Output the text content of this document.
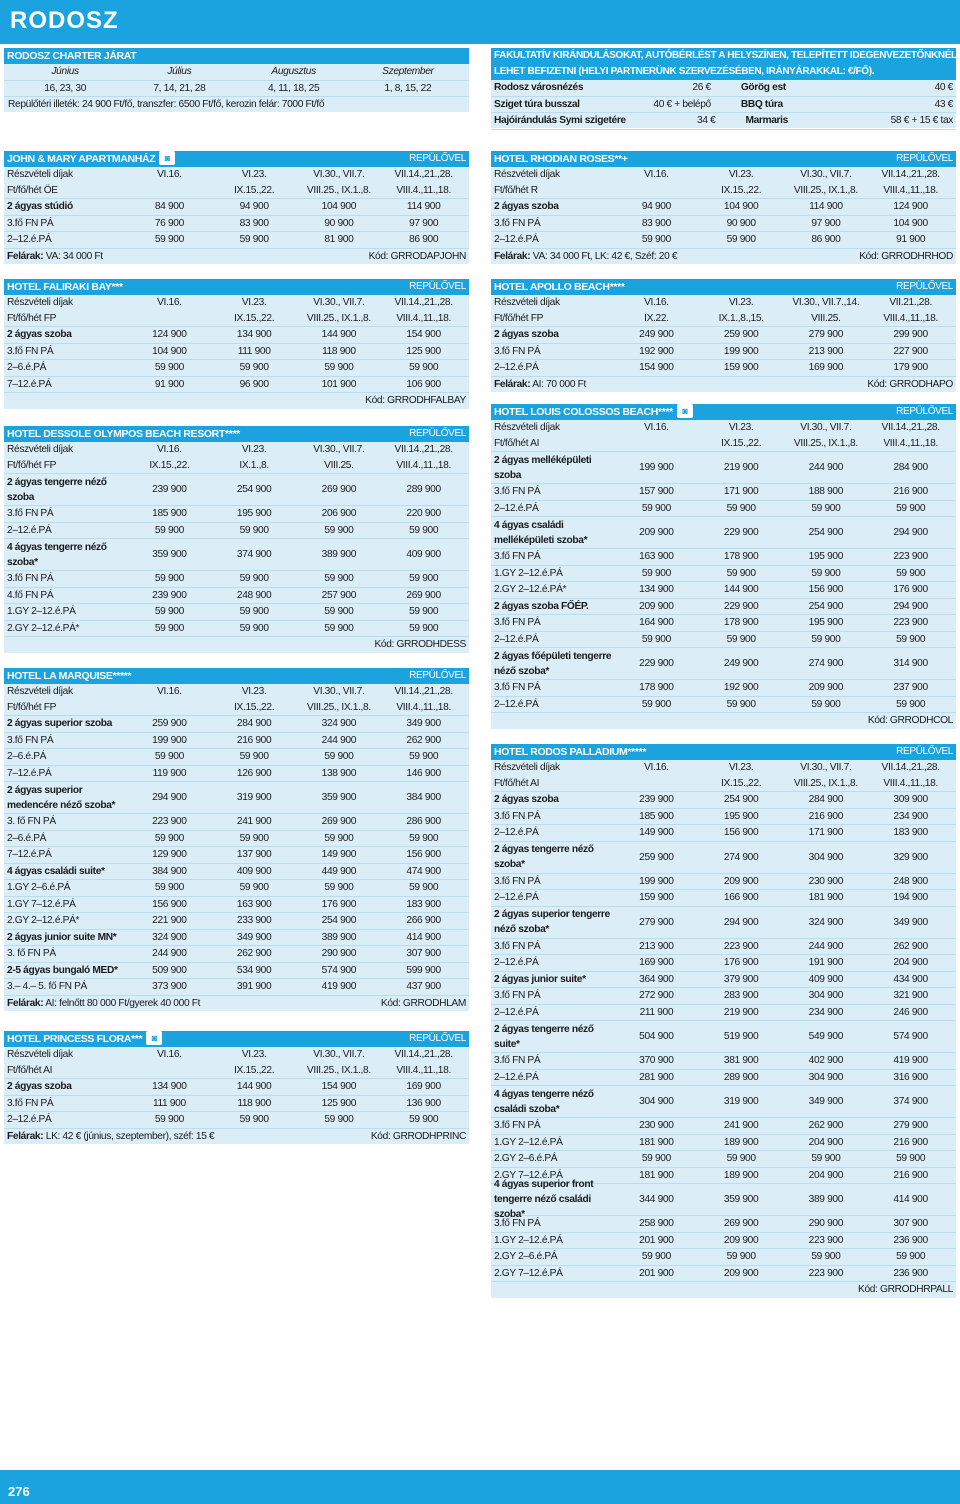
RODOSZ
RODOSZ CHARTER JÁRAT
Június	Július	Augusztus	Szeptember
16, 23, 30	7, 14, 21, 28	4, 11, 18, 25	1, 8, 15, 22
Repülőtéri illeték: 24 900 Ft/fő, transzfer: 6500 Ft/fő, kerozin felár: 7000 Ft/fő
FAKULTATÍV KIRÁNDULÁSOKAT, AUTÓBÉRLÉST A HELYSZÍNEN, TELEPÍTETT IDEGENVEZETŐNKNÉL
LEHET BEFIZETNI (HELYI PARTNERÜNK SZERVEZÉSÉBEN, IRÁNYÁRAKKAL: €/FŐ).
Rodosz városnézés	26 €	Görög est	40 €
Sziget túra busszal	40 € + belépő	BBQ túra	43 €
Hajóirándulás Symi szigetére	34 €	Marmaris	58 € + 15 € tax
JOHN & MARY APARTMANHÁZ	◙	REPÜLŐVEL
Részvételi díjak	VI.16.	VI.23.	VI.30., VII.7.	VII.14.,21.,28.
Ft/fő/hét ÖE	IX.15.,22.	VIII.25., IX.1.,8.	VIII.4.,11.,18.
2 ágyas stúdió	84 900	94 900	104 900	114 900
3.fő FN PÁ	76 900	83 900	90 900	97 900
2–12.é.PÁ	59 900	59 900	81 900	86 900
Felárak: VA: 34 000 Ft	Kód: GRRODAPJOHN
HOTEL FALIRAKI BAY***	REPÜLŐVEL
Részvételi díjak	VI.16.	VI.23.	VI.30., VII.7.	VII.14.,21.,28.
Ft/fő/hét FP	IX.15.,22.	VIII.25., IX.1.,8.	VIII.4.,11.,18.
2 ágyas szoba	124 900	134 900	144 900	154 900
3.fő FN PÁ	104 900	111 900	118 900	125 900
2–6.é.PÁ	59 900	59 900	59 900	59 900
7–12.é.PÁ	91 900	96 900	101 900	106 900
Kód: GRRODHFALBAY
HOTEL DESSOLE OLYMPOS BEACH RESORT****	REPÜLŐVEL
Részvételi díjak	VI.16.	VI.23.	VI.30., VII.7.	VII.14.,21.,28.
Ft/fő/hét FP	IX.15.,22.	IX.1.,8.	VIII.25.	VIII.4.,11.,18.
2 ágyas tengerre néző szoba
239 900	254 900	269 900	289 900
3.fő FN PÁ	185 900	195 900	206 900	220 900
2–12.é.PÁ	59 900	59 900	59 900	59 900
4 ágyas tengerre néző szoba*
359 900	374 900	389 900	409 900
3.fő FN PÁ	59 900	59 900	59 900	59 900
4.fő FN PÁ	239 900	248 900	257 900	269 900
1.GY 2–12.é.PÁ	59 900	59 900	59 900	59 900
2.GY 2–12.é.PÁ*	59 900	59 900	59 900	59 900
Kód: GRRODHDESS
HOTEL LA MARQUISE*****	REPÜLŐVEL
Részvételi díjak	VI.16.	VI.23.	VI.30., VII.7.	VII.14.,21.,28.
Ft/fő/hét FP	IX.15.,22.	VIII.25., IX.1.,8.	VIII.4.,11.,18.
2 ágyas superior szoba	259 900	284 900	324 900	349 900
3.fő FN PÁ	199 900	216 900	244 900	262 900
2–6.é.PÁ	59 900	59 900	59 900	59 900
7–12.é.PÁ	119 900	126 900	138 900	146 900
2 ágyas superior medencére néző szoba*
294 900	319 900	359 900	384 900
3. fő FN PÁ	223 900	241 900	269 900	286 900
2–6.é.PÁ	59 900	59 900	59 900	59 900
7–12.é.PÁ	129 900	137 900	149 900	156 900
4 ágyas családi suite*	384 900	409 900	449 900	474 900
1.GY 2–6.é.PÁ	59 900	59 900	59 900	59 900
1.GY 7–12.é.PÁ	156 900	163 900	176 900	183 900
2.GY 2–12.é.PÁ*	221 900	233 900	254 900	266 900
2 ágyas junior suite MN*	324 900	349 900	389 900	414 900
3. fő FN PÁ	244 900	262 900	290 900	307 900
2-5 ágyas bungaló MED*	509 900	534 900	574 900	599 900
3.– 4.– 5. fő FN PÁ	373 900	391 900	419 900	437 900
Felárak: AI: felnőtt 80 000 Ft/gyerek 40 000 Ft	Kód: GRRODHLAM
HOTEL PRINCESS FLORA***	◙	REPÜLŐVEL
Részvételi díjak	VI.16.	VI.23.	VI.30., VII.7.	VII.14.,21.,28.
Ft/fő/hét AI	IX.15.,22.	VIII.25., IX.1.,8.	VIII.4.,11.,18.
2 ágyas szoba	134 900	144 900	154 900	169 900
3.fő FN PÁ	111 900	118 900	125 900	136 900
2–12.é.PÁ	59 900	59 900	59 900	59 900
Felárak: LK: 42 € (június, szeptember), széf: 15 €	Kód: GRRODHPRINC
HOTEL RHODIAN ROSES**+	REPÜLŐVEL
Részvételi díjak	VI.16.	VI.23.	VI.30., VII.7.	VII.14.,21.,28.
Ft/fő/hét R	IX.15.,22.	VIII.25., IX.1.,8.	VIII.4.,11.,18.
2 ágyas szoba	94 900	104 900	114 900	124 900
3.fő FN PÁ	83 900	90 900	97 900	104 900
2–12.é.PÁ	59 900	59 900	86 900	91 900
Felárak: VA: 34 000 Ft, LK: 42 €, Széf: 20 €	Kód: GRRODHRHOD
HOTEL APOLLO BEACH****	REPÜLŐVEL
Részvételi díjak	VI.16.	VI.23.	VI.30., VII.7.,14.	VII.21.,28.
Ft/fő/hét FP	IX.22.	IX.1.,8.,15.	VIII.25.	VIII.4.,11.,18.
2 ágyas szoba	249 900	259 900	279 900	299 900
3.fő FN PÁ	192 900	199 900	213 900	227 900
2–12.é.PÁ	154 900	159 900	169 900	179 900
Felárak: AI: 70 000 Ft	Kód: GRRODHAPO
HOTEL LOUIS COLOSSOS BEACH****	◙	REPÜLŐVEL
Részvételi díjak	VI.16.	VI.23.	VI.30., VII.7.	VII.14.,21.,28.
Ft/fő/hét AI	IX.15.,22.	VIII.25., IX.1.,8.	VIII.4.,11.,18.
2 ágyas melléképületi szoba
199 900	219 900	244 900	284 900
3.fő FN PÁ	157 900	171 900	188 900	216 900
2–12.é.PÁ	59 900	59 900	59 900	59 900
4 ágyas családi melléképületi szoba*
209 900	229 900	254 900	294 900
3.fő FN PÁ	163 900	178 900	195 900	223 900
1.GY 2–12.é.PÁ	59 900	59 900	59 900	59 900
2.GY 2–12.é.PÁ*	134 900	144 900	156 900	176 900
2 ágyas szoba FŐÉP.	209 900	229 900	254 900	294 900
3.fő FN PÁ	164 900	178 900	195 900	223 900
2–12.é.PÁ	59 900	59 900	59 900	59 900
2 ágyas főépületi tengerre néző szoba*
229 900	249 900	274 900	314 900
3.fő FN PÁ	178 900	192 900	209 900	237 900
2–12.é.PÁ	59 900	59 900	59 900	59 900
Kód: GRRODHCOL
HOTEL RODOS PALLADIUM*****	REPÜLŐVEL
Részvételi díjak	VI.16.	VI.23.	VI.30., VII.7.	VII.14.,21.,28.
Ft/fő/hét AI	IX.15.,22.	VIII.25., IX.1.,8.	VIII.4.,11.,18.
2 ágyas szoba	239 900	254 900	284 900	309 900
3.fő FN PÁ	185 900	195 900	216 900	234 900
2–12.é.PÁ	149 900	156 900	171 900	183 900
2 ágyas tengerre néző szoba*
259 900	274 900	304 900	329 900
3.fő FN PÁ	199 900	209 900	230 900	248 900
2–12.é.PÁ	159 900	166 900	181 900	194 900
2 ágyas superior tengerre néző szoba*
279 900	294 900	324 900	349 900
3.fő FN PÁ	213 900	223 900	244 900	262 900
2–12.é.PÁ	169 900	176 900	191 900	204 900
2 ágyas junior suite*	364 900	379 900	409 900	434 900
3.fő FN PÁ	272 900	283 900	304 900	321 900
2–12.é.PÁ	211 900	219 900	234 900	246 900
2 ágyas tengerre néző suite*
504 900	519 900	549 900	574 900
3.fő FN PÁ	370 900	381 900	402 900	419 900
2–12.é.PÁ	281 900	289 900	304 900	316 900
4 ágyas tengerre néző családi szoba*
304 900	319 900	349 900	374 900
3.fő FN PÁ	230 900	241 900	262 900	279 900
1.GY 2–12.é.PÁ	181 900	189 900	204 900	216 900
2.GY 2–6.é.PÁ	59 900	59 900	59 900	59 900
2.GY 7–12.é.PÁ	181 900	189 900	204 900	216 900
4 ágyas superior front tengerre néző családi szoba*
344 900	359 900	389 900	414 900
3.fő FN PÁ	258 900	269 900	290 900	307 900
1.GY 2–12.é.PÁ	201 900	209 900	223 900	236 900
2.GY 2–6.é.PÁ	59 900	59 900	59 900	59 900
2.GY 7–12.é.PÁ	201 900	209 900	223 900	236 900
Kód: GRRODHRPALL
276
